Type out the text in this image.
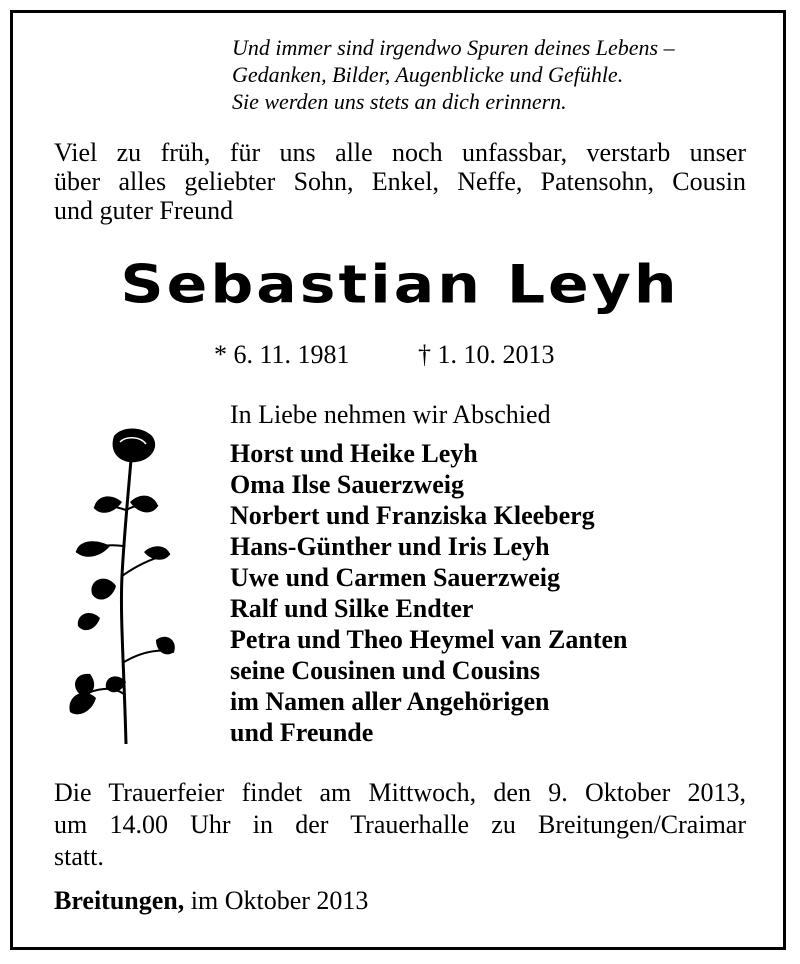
Und immer sind irgendwo Spuren deines Lebens –
Gedanken, Bilder, Augenblicke und Gefühle.
Sie werden uns stets an dich erinnern.
Viel zu früh, für uns alle noch unfassbar, verstarb unser
über alles geliebter Sohn, Enkel, Neffe, Patensohn, Cousin
und guter Freund
Sebastian Leyh
* 6. 11. 1981	† 1. 10. 2013
In Liebe nehmen wir Abschied
Horst und Heike Leyh
Oma Ilse Sauerzweig
Norbert und Franziska Kleeberg
Hans-Günther und Iris Leyh
Uwe und Carmen Sauerzweig
Ralf und Silke Endter
Petra und Theo Heymel van Zanten
seine Cousinen und Cousins
im Namen aller Angehörigen
und Freunde
Die Trauerfeier findet am Mittwoch, den 9. Oktober 2013,
um 14.00 Uhr in der Trauerhalle zu Breitungen/Craimar
statt.
Breitungen, im Oktober 2013
